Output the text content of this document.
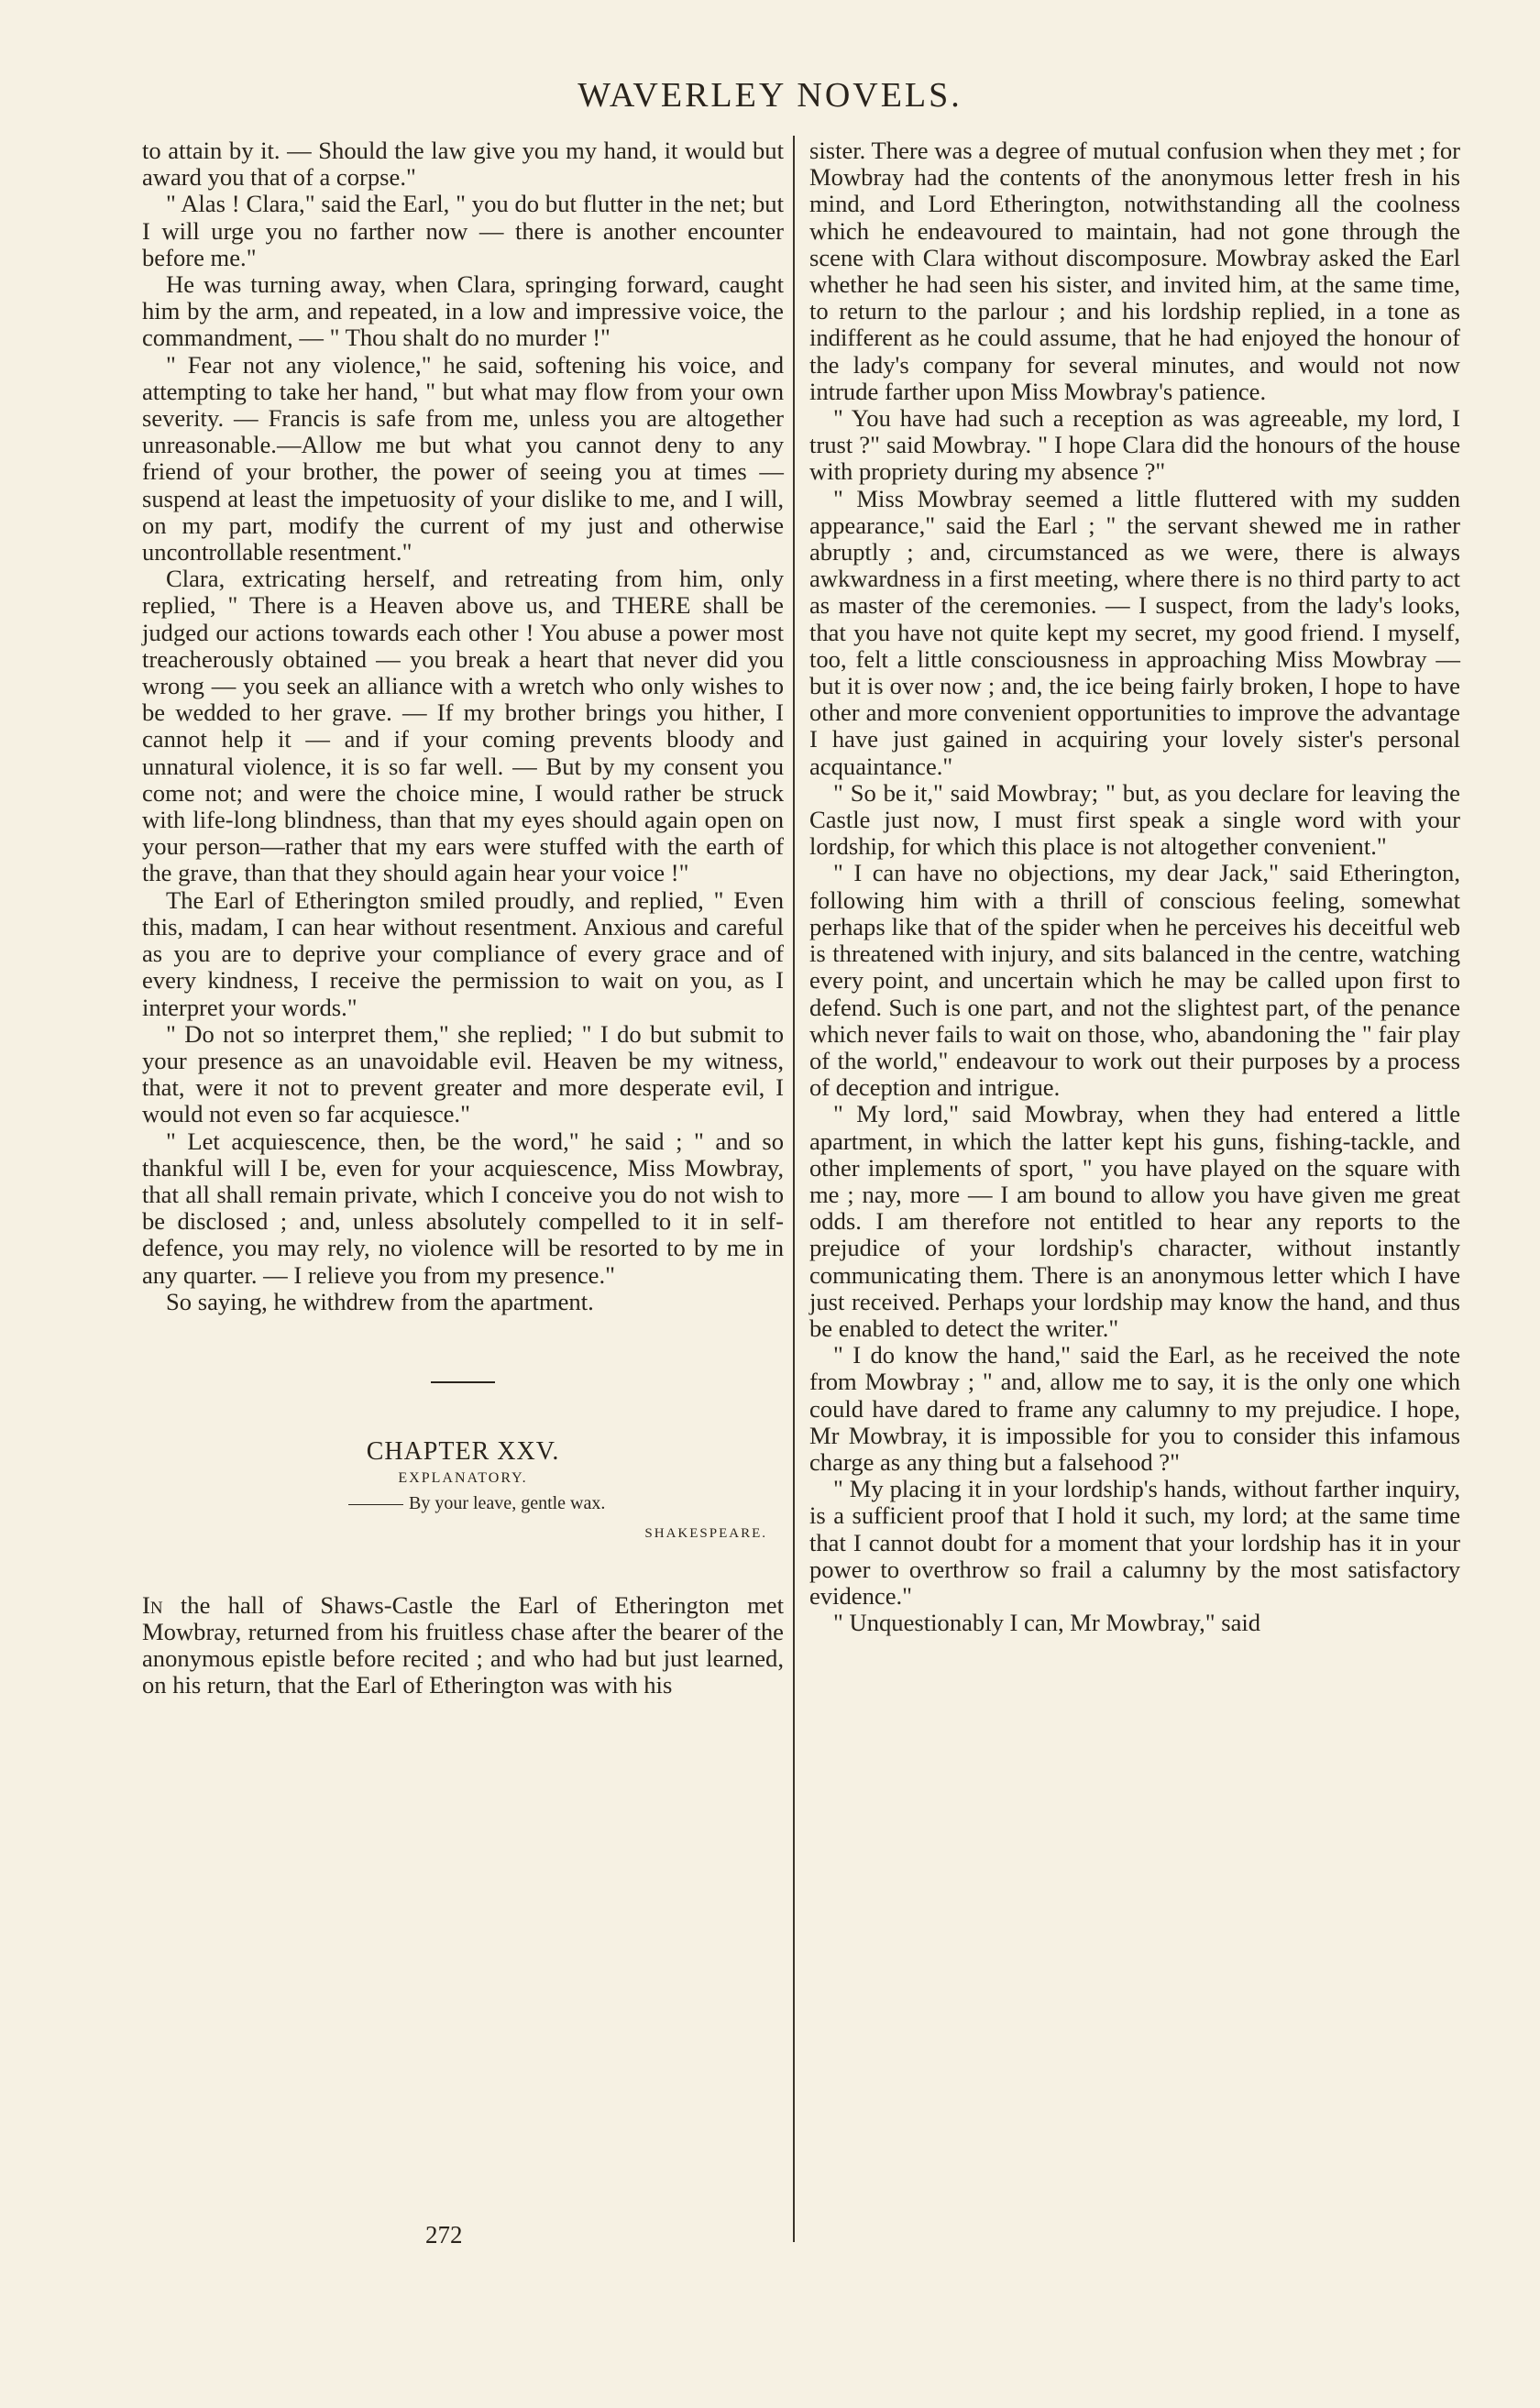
WAVERLEY NOVELS.

to attain by it. — Should the law give you my hand, it would but award you that of a corpse."

" Alas ! Clara," said the Earl, " you do but flutter in the net; but I will urge you no farther now — there is another encounter before me."

He was turning away, when Clara, springing forward, caught him by the arm, and repeated, in a low and impressive voice, the commandment, — " Thou shalt do no murder !"

" Fear not any violence," he said, softening his voice, and attempting to take her hand, " but what may flow from your own severity. — Francis is safe from me, unless you are altogether unreasonable.—Allow me but what you cannot deny to any friend of your brother, the power of seeing you at times — suspend at least the impetuosity of your dislike to me, and I will, on my part, modify the current of my just and otherwise uncontrollable resentment."

Clara, extricating herself, and retreating from him, only replied, " There is a Heaven above us, and THERE shall be judged our actions towards each other ! You abuse a power most treacherously obtained — you break a heart that never did you wrong — you seek an alliance with a wretch who only wishes to be wedded to her grave. — If my brother brings you hither, I cannot help it — and if your coming prevents bloody and unnatural violence, it is so far well. — But by my consent you come not; and were the choice mine, I would rather be struck with life-long blindness, than that my eyes should again open on your person—rather that my ears were stuffed with the earth of the grave, than that they should again hear your voice !"

The Earl of Etherington smiled proudly, and replied, " Even this, madam, I can hear without resentment. Anxious and careful as you are to deprive your compliance of every grace and of every kindness, I receive the permission to wait on you, as I interpret your words."

" Do not so interpret them," she replied; " I do but submit to your presence as an unavoidable evil. Heaven be my witness, that, were it not to prevent greater and more desperate evil, I would not even so far acquiesce."

" Let acquiescence, then, be the word," he said ; " and so thankful will I be, even for your acquiescence, Miss Mowbray, that all shall remain private, which I conceive you do not wish to be disclosed ; and, unless absolutely compelled to it in self-defence, you may rely, no violence will be resorted to by me in any quarter. — I relieve you from my presence."

So saying, he withdrew from the apartment.

CHAPTER XXV.

EXPLANATORY.

By your leave, gentle wax.
SHAKESPEARE.

In the hall of Shaws-Castle the Earl of Etherington met Mowbray, returned from his fruitless chase after the bearer of the anonymous epistle before recited ; and who had but just learned, on his return, that the Earl of Etherington was with his

sister. There was a degree of mutual confusion when they met ; for Mowbray had the contents of the anonymous letter fresh in his mind, and Lord Etherington, notwithstanding all the coolness which he endeavoured to maintain, had not gone through the scene with Clara without discomposure. Mowbray asked the Earl whether he had seen his sister, and invited him, at the same time, to return to the parlour ; and his lordship replied, in a tone as indifferent as he could assume, that he had enjoyed the honour of the lady's company for several minutes, and would not now intrude farther upon Miss Mowbray's patience.

" You have had such a reception as was agreeable, my lord, I trust ?" said Mowbray. " I hope Clara did the honours of the house with propriety during my absence ?"

" Miss Mowbray seemed a little fluttered with my sudden appearance," said the Earl ; " the servant shewed me in rather abruptly ; and, circumstanced as we were, there is always awkwardness in a first meeting, where there is no third party to act as master of the ceremonies. — I suspect, from the lady's looks, that you have not quite kept my secret, my good friend. I myself, too, felt a little consciousness in approaching Miss Mowbray — but it is over now ; and, the ice being fairly broken, I hope to have other and more convenient opportunities to improve the advantage I have just gained in acquiring your lovely sister's personal acquaintance."

" So be it," said Mowbray; " but, as you declare for leaving the Castle just now, I must first speak a single word with your lordship, for which this place is not altogether convenient."

" I can have no objections, my dear Jack," said Etherington, following him with a thrill of conscious feeling, somewhat perhaps like that of the spider when he perceives his deceitful web is threatened with injury, and sits balanced in the centre, watching every point, and uncertain which he may be called upon first to defend. Such is one part, and not the slightest part, of the penance which never fails to wait on those, who, abandoning the " fair play of the world," endeavour to work out their purposes by a process of deception and intrigue.

" My lord," said Mowbray, when they had entered a little apartment, in which the latter kept his guns, fishing-tackle, and other implements of sport, " you have played on the square with me ; nay, more — I am bound to allow you have given me great odds. I am therefore not entitled to hear any reports to the prejudice of your lordship's character, without instantly communicating them. There is an anonymous letter which I have just received. Perhaps your lordship may know the hand, and thus be enabled to detect the writer."

" I do know the hand," said the Earl, as he received the note from Mowbray ; " and, allow me to say, it is the only one which could have dared to frame any calumny to my prejudice. I hope, Mr Mowbray, it is impossible for you to consider this infamous charge as any thing but a falsehood ?"

" My placing it in your lordship's hands, without farther inquiry, is a sufficient proof that I hold it such, my lord; at the same time that I cannot doubt for a moment that your lordship has it in your power to overthrow so frail a calumny by the most satisfactory evidence."

" Unquestionably I can, Mr Mowbray," said

272
